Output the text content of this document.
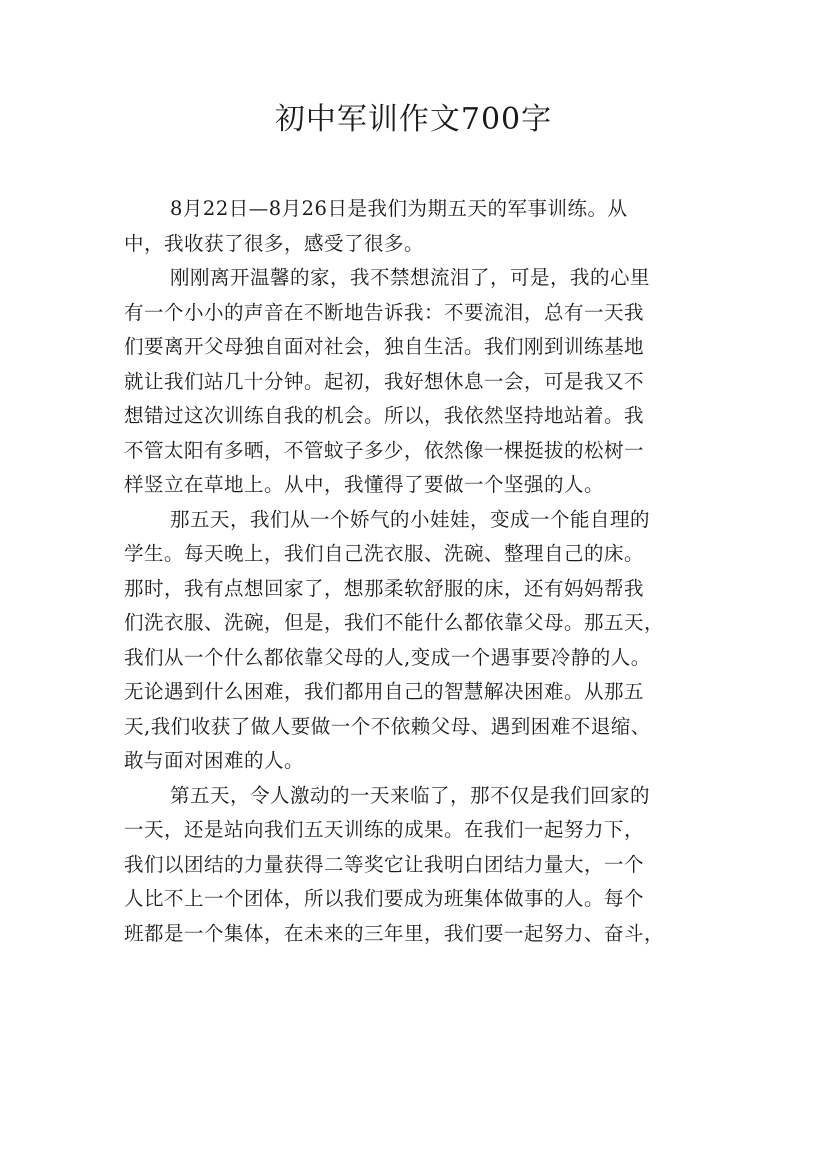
初中军训作文700字
8月22日—8月26日是我们为期五天的军事训练。从
中，我收获了很多，感受了很多。
刚刚离开温馨的家，我不禁想流泪了，可是，我的心里
有一个小小的声音在不断地告诉我：不要流泪，总有一天我
们要离开父母独自面对社会，独自生活。我们刚到训练基地
就让我们站几十分钟。起初，我好想休息一会，可是我又不
想错过这次训练自我的机会。所以，我依然坚持地站着。我
不管太阳有多晒，不管蚊子多少，依然像一棵挺拔的松树一
样竖立在草地上。从中，我懂得了要做一个坚强的人。
那五天，我们从一个娇气的小娃娃，变成一个能自理的
学生。每天晚上，我们自己洗衣服、洗碗、整理自己的床。
那时，我有点想回家了，想那柔软舒服的床，还有妈妈帮我
们洗衣服、洗碗，但是，我们不能什么都依靠父母。那五天，
我们从一个什么都依靠父母的人,变成一个遇事要冷静的人。
无论遇到什么困难，我们都用自己的智慧解决困难。从那五
天,我们收获了做人要做一个不依赖父母、遇到困难不退缩、
敢与面对困难的人。
第五天，令人激动的一天来临了，那不仅是我们回家的
一天，还是站向我们五天训练的成果。在我们一起努力下，
我们以团结的力量获得二等奖它让我明白团结力量大，一个
人比不上一个团体，所以我们要成为班集体做事的人。每个
班都是一个集体，在未来的三年里，我们要一起努力、奋斗，
